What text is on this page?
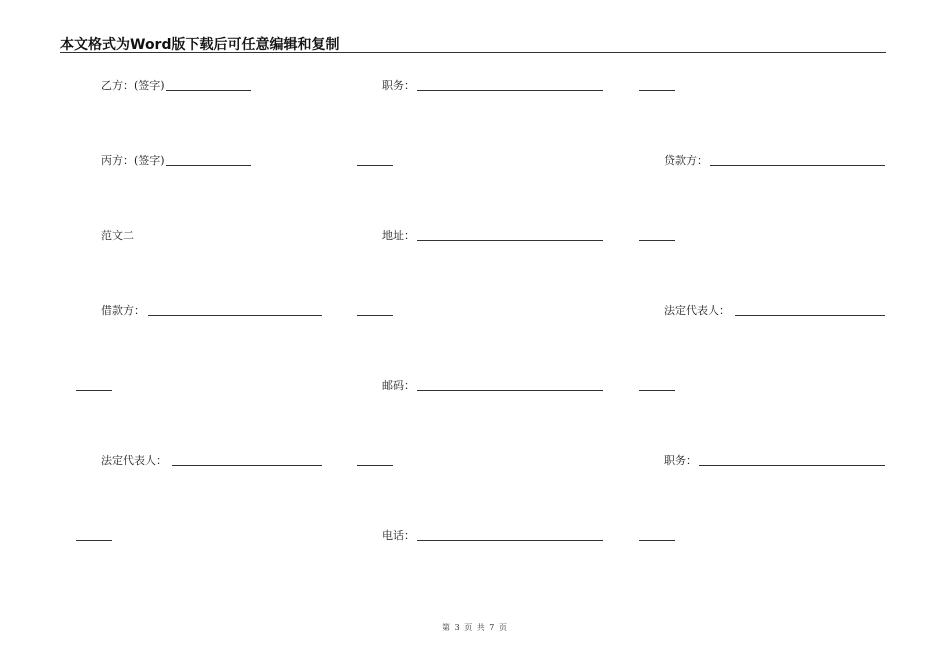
本文格式为Word版下载后可任意编辑和复制
乙方：(签字)	职务：
丙方：(签字)	贷款方：
范文二	地址：
借款方：	法定代表人：
邮码：
法定代表人：	职务：
电话：
第 3 页 共 7 页
